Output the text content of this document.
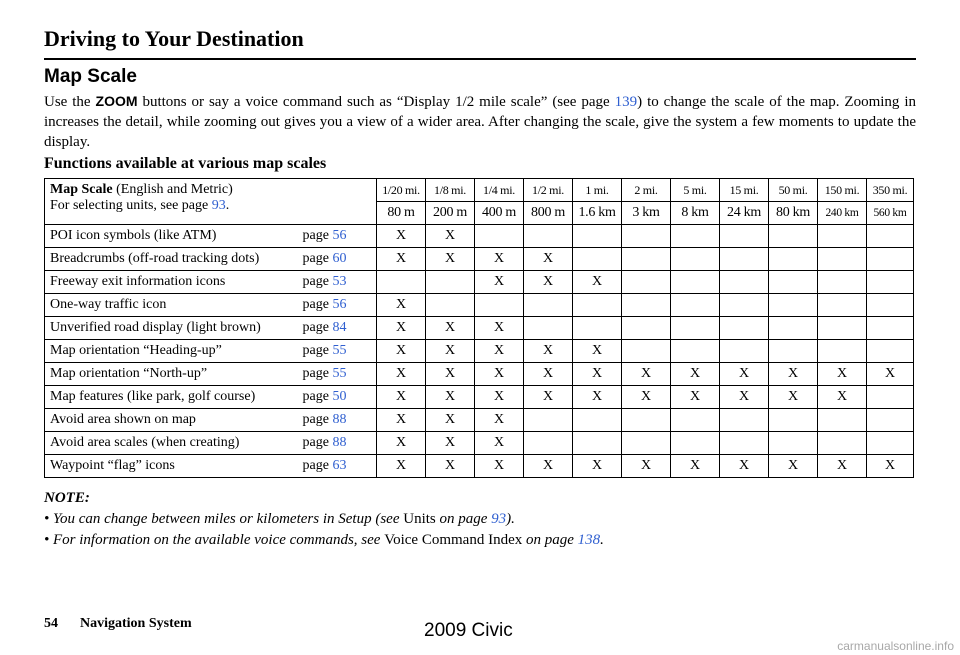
Driving to Your Destination
Map Scale
Use the ZOOM buttons or say a voice command such as “Display 1/2 mile scale” (see page 139) to change the scale of the map. Zooming in increases the detail, while zooming out gives you a view of a wider area. After changing the scale, give the system a few moments to update the display.
Functions available at various map scales
Map Scale (English and Metric)
For selecting units, see page 93.		1/20 mi.	1/8 mi.	1/4 mi.	1/2 mi.	1 mi.	2 mi.	5 mi.	15 mi.	50 mi.	150 mi.	350 mi.
		80 m	200 m	400 m	800 m	1.6 km	3 km	8 km	24 km	80 km	240 km	560 km
POI icon symbols (like ATM)	page 56	X	X									
Breadcrumbs (off-road tracking dots)	page 60	X	X	X	X							
Freeway exit information icons	page 53			X	X	X						
One-way traffic icon	page 56	X										
Unverified road display (light brown)	page 84	X	X	X								
Map orientation “Heading-up”	page 55	X	X	X	X	X						
Map orientation “North-up”	page 55	X	X	X	X	X	X	X	X	X	X	X
Map features (like park, golf course)	page 50	X	X	X	X	X	X	X	X	X	X	
Avoid area shown on map	page 88	X	X	X								
Avoid area scales (when creating)	page 88	X	X	X								
Waypoint “flag” icons	page 63	X	X	X	X	X	X	X	X	X	X	X
NOTE:
• You can change between miles or kilometers in Setup (see Units on page 93).
• For information on the available voice commands, see Voice Command Index on page 138.
54 Navigation System	2009 Civic
carmanualsonline.info
